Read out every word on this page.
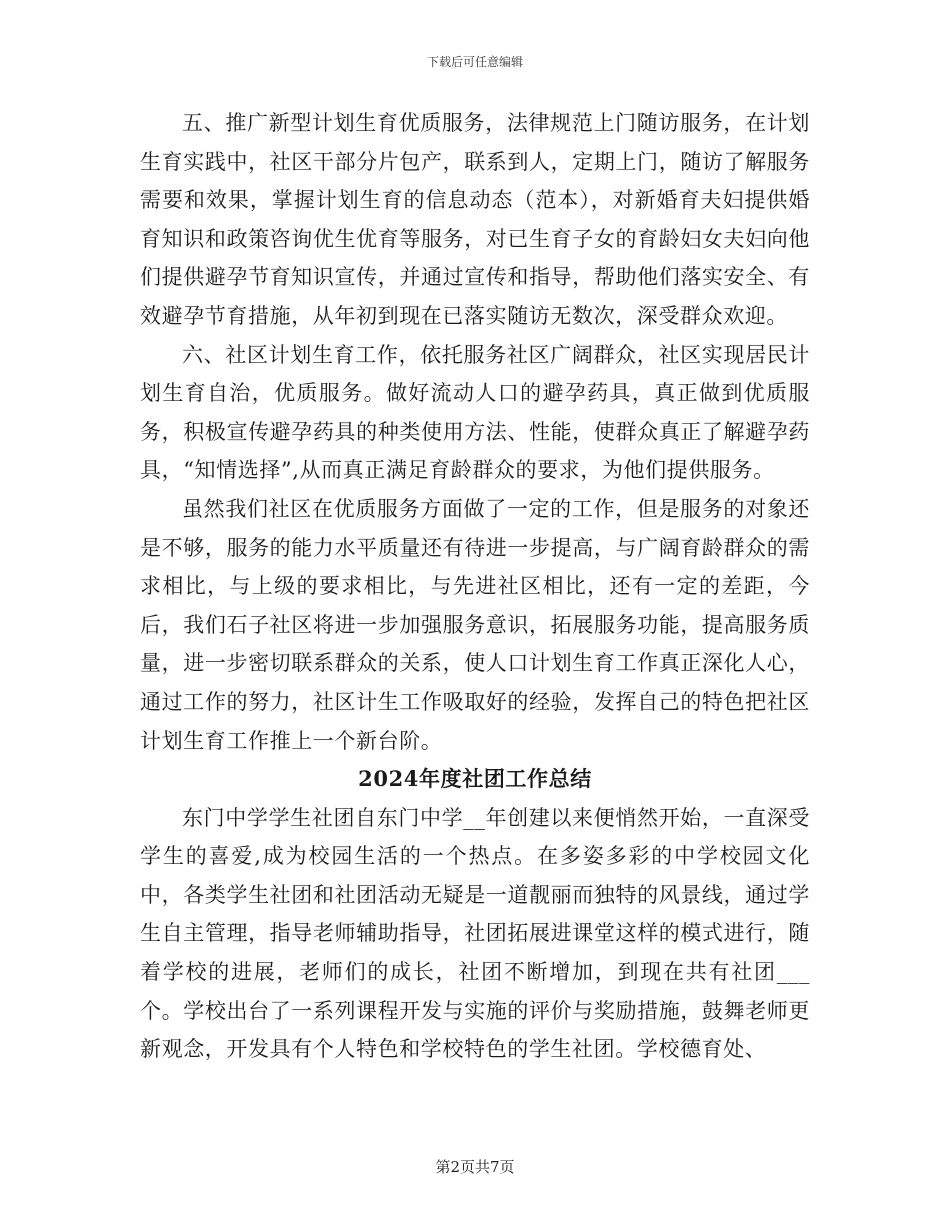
下载后可任意编辑

五、推广新型计划生育优质服务，法律规范上门随访服务，在计划生育实践中，社区干部分片包产，联系到人，定期上门，随访了解服务需要和效果，掌握计划生育的信息动态（范本），对新婚育夫妇提供婚育知识和政策咨询优生优育等服务，对已生育子女的育龄妇女夫妇向他们提供避孕节育知识宣传，并通过宣传和指导，帮助他们落实安全、有效避孕节育措施，从年初到现在已落实随访无数次，深受群众欢迎。

六、社区计划生育工作，依托服务社区广阔群众，社区实现居民计划生育自治，优质服务。做好流动人口的避孕药具，真正做到优质服务，积极宣传避孕药具的种类使用方法、性能，使群众真正了解避孕药具，“知情选择”,从而真正满足育龄群众的要求，为他们提供服务。

虽然我们社区在优质服务方面做了一定的工作，但是服务的对象还是不够，服务的能力水平质量还有待进一步提高，与广阔育龄群众的需求相比，与上级的要求相比，与先进社区相比，还有一定的差距，今后，我们石子社区将进一步加强服务意识，拓展服务功能，提高服务质量，进一步密切联系群众的关系，使人口计划生育工作真正深化人心，通过工作的努力，社区计生工作吸取好的经验，发挥自己的特色把社区计划生育工作推上一个新台阶。

2024年度社团工作总结

东门中学学生社团自东门中学__年创建以来便悄然开始，一直深受学生的喜爱,成为校园生活的一个热点。在多姿多彩的中学校园文化中，各类学生社团和社团活动无疑是一道靓丽而独特的风景线，通过学生自主管理，指导老师辅助指导，社团拓展进课堂这样的模式进行，随着学校的进展，老师们的成长，社团不断增加，到现在共有社团___个。学校出台了一系列课程开发与实施的评价与奖励措施，鼓舞老师更新观念，开发具有个人特色和学校特色的学生社团。学校德育处、

第2页共7页
